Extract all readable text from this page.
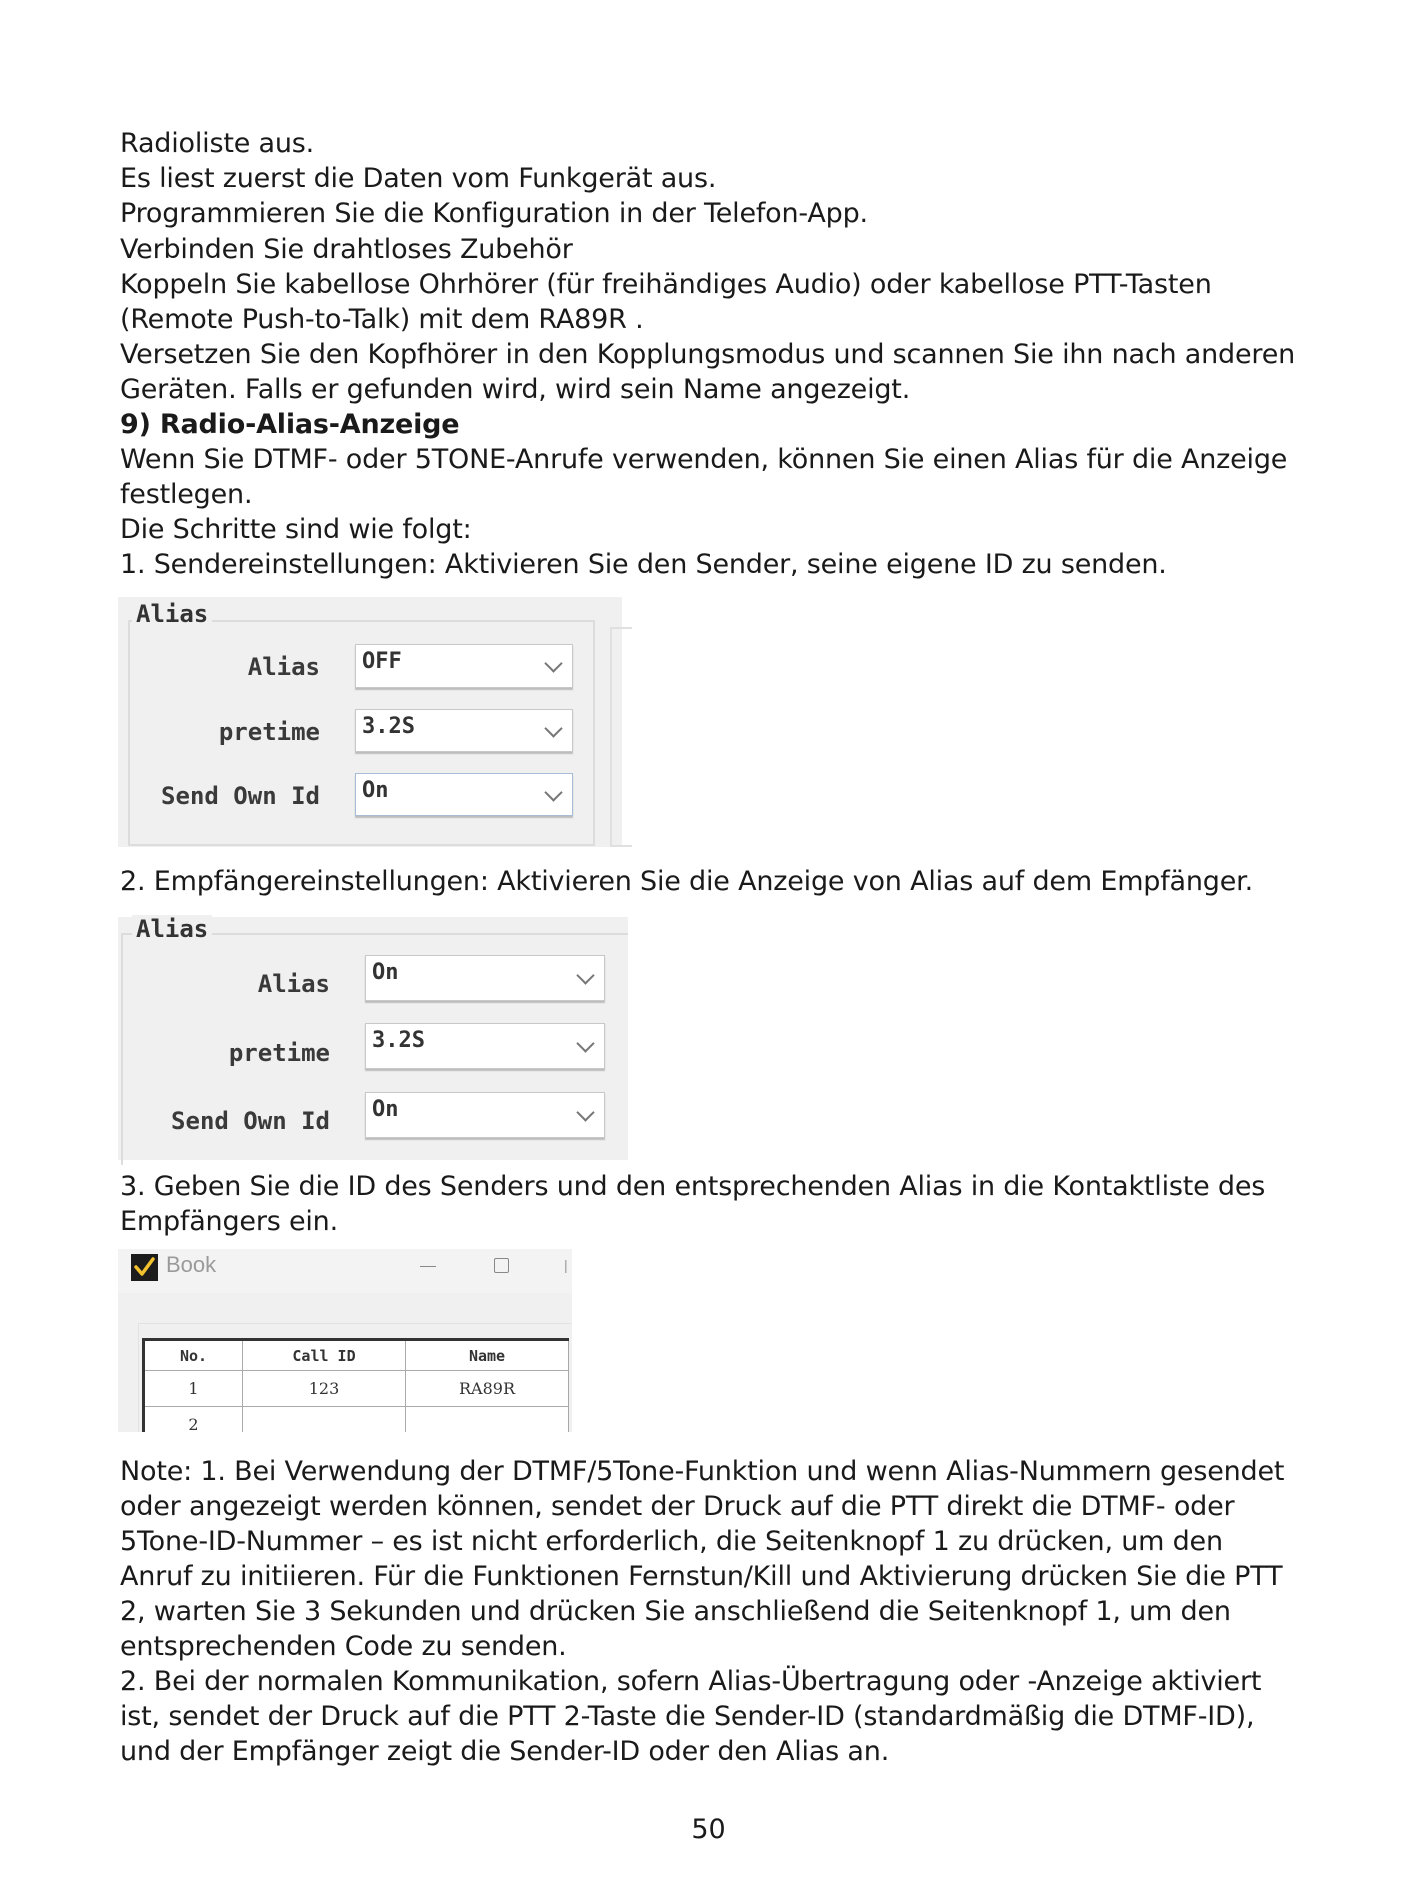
Radioliste aus.
Es liest zuerst die Daten vom Funkgerät aus.
Programmieren Sie die Konfiguration in der Telefon-App.
Verbinden Sie drahtloses Zubehör
Koppeln Sie kabellose Ohrhörer (für freihändiges Audio) oder kabellose PTT-Tasten
(Remote Push-to-Talk) mit dem RA89R .
Versetzen Sie den Kopfhörer in den Kopplungsmodus und scannen Sie ihn nach anderen
Geräten. Falls er gefunden wird, wird sein Name angezeigt.
9) Radio-Alias-Anzeige
Wenn Sie DTMF- oder 5TONE-Anrufe verwenden, können Sie einen Alias für die Anzeige
festlegen.
Die Schritte sind wie folgt:
1. Sendereinstellungen: Aktivieren Sie den Sender, seine eigene ID zu senden.
Alias
Alias OFF
pretime 3.2S
Send Own Id On
2. Empfängereinstellungen: Aktivieren Sie die Anzeige von Alias auf dem Empfänger.
Alias
Alias On
pretime 3.2S
Send Own Id On
3. Geben Sie die ID des Senders und den entsprechenden Alias in die Kontaktliste des
Empfängers ein.
Book	|
No.	Call ID	Name
1	123	RA89R
2		
Note: 1. Bei Verwendung der DTMF/5Tone-Funktion und wenn Alias-Nummern gesendet
oder angezeigt werden können, sendet der Druck auf die PTT direkt die DTMF- oder
5Tone-ID-Nummer – es ist nicht erforderlich, die Seitenknopf 1 zu drücken, um den
Anruf zu initiieren. Für die Funktionen Fernstun/Kill und Aktivierung drücken Sie die PTT
2, warten Sie 3 Sekunden und drücken Sie anschließend die Seitenknopf 1, um den
entsprechenden Code zu senden.
2. Bei der normalen Kommunikation, sofern Alias-Übertragung oder -Anzeige aktiviert
ist, sendet der Druck auf die PTT 2-Taste die Sender-ID (standardmäßig die DTMF-ID),
und der Empfänger zeigt die Sender-ID oder den Alias an.
50
